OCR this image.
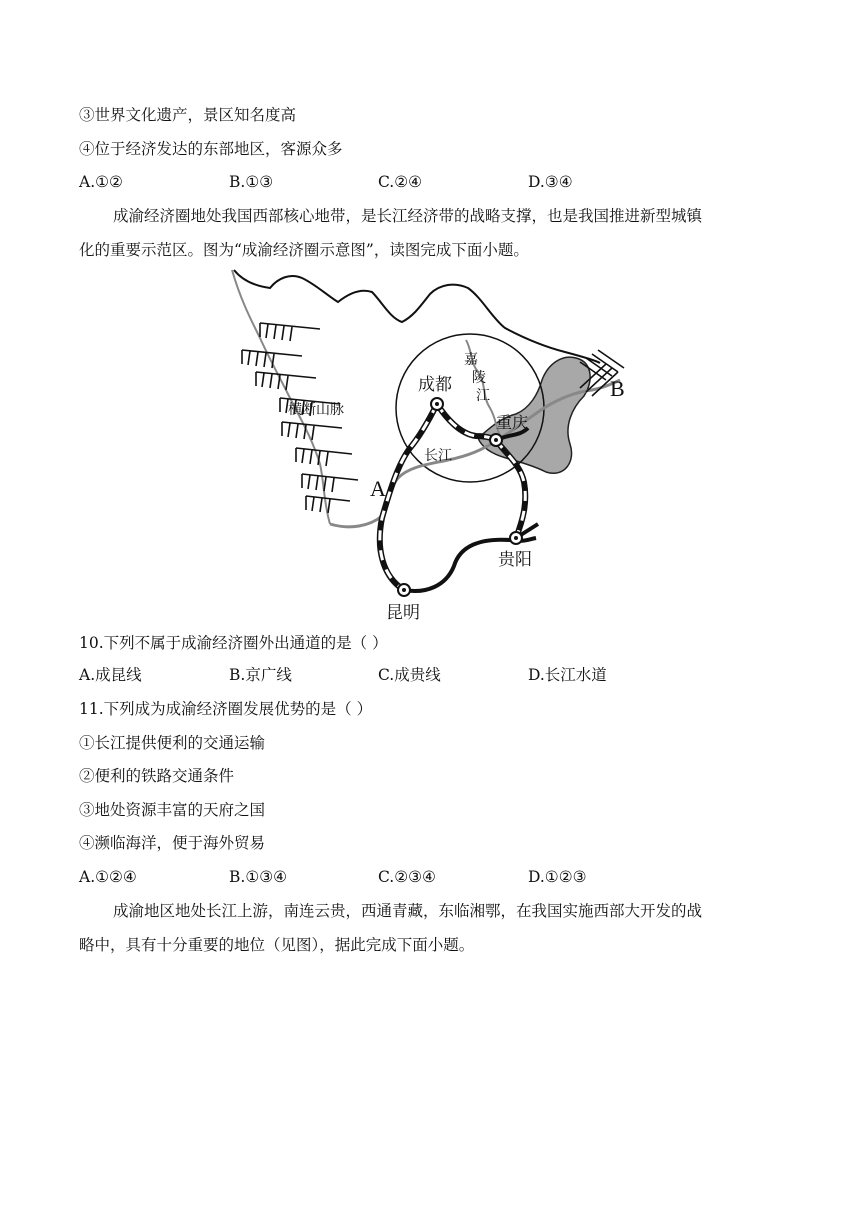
③世界文化遗产，景区知名度高
④位于经济发达的东部地区，客源众多
A.①②	B.①③	C.②④	D.③④
成渝经济圈地处我国西部核心地带，是长江经济带的战略支撑，也是我国推进新型城镇
化的重要示范区。图为“成渝经济圈示意图”，读图完成下面小题。
成都
重庆
贵阳
昆明
长江
嘉
陵
江
横断山脉
A
B
10.下列不属于成渝经济圈外出通道的是（ ）
A.成昆线	B.京广线	C.成贵线	D.长江水道
11.下列成为成渝经济圈发展优势的是（ ）
①长江提供便利的交通运输
②便利的铁路交通条件
③地处资源丰富的天府之国
④濒临海洋，便于海外贸易
A.①②④	B.①③④	C.②③④	D.①②③
成渝地区地处长江上游，南连云贵，西通青藏，东临湘鄂，在我国实施西部大开发的战
略中，具有十分重要的地位（见图），据此完成下面小题。
